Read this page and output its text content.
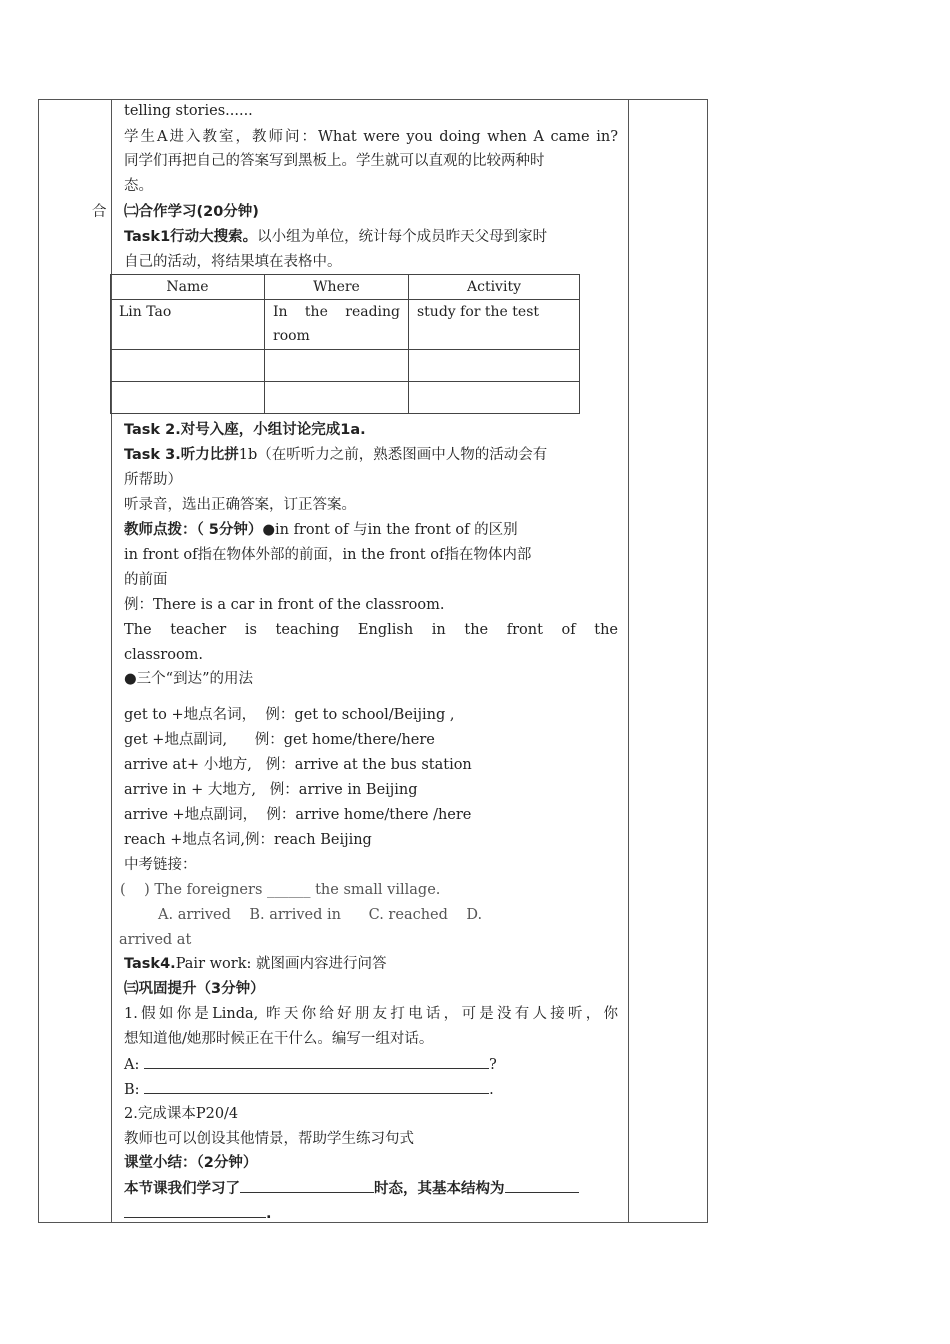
合
telling stories......
学生A进入教室，教师问：What were you doing when A came in?
同学们再把自己的答案写到黑板上。学生就可以直观的比较两种时
态。
㈡合作学习(20分钟)
Task1行动大搜索。以小组为单位，统计每个成员昨天父母到家时
自己的活动，将结果填在表格中。
Task 2.对号入座，小组讨论完成1a.
Task 3.听力比拼1b（在听听力之前，熟悉图画中人物的活动会有
所帮助）
听录音，选出正确答案，订正答案。
教师点拨：（ 5分钟）●in front of 与in the front of 的区别
in front of指在物体外部的前面，in the front of指在物体内部
的前面
例：There is a car in front of the classroom.
The teacher is teaching English in the front of the
classroom.
●三个“到达”的用法
get to +地点名词，  例：get to school/Beijing ,
get +地点副词,      例：get home/there/here
arrive at+ 小地方,   例：arrive at the bus station
arrive in + 大地方,   例：arrive in Beijing
arrive +地点副词，  例：arrive home/there /here
reach +地点名词,例：reach Beijing
中考链接：
(    ) The foreigners ______ the small village.
A. arrived    B. arrived in      C. reached    D.
arrived at
Task4.Pair work: 就图画内容进行问答
㈢巩固提升（3分钟）
1.假如你是Linda, 昨天你给好朋友打电话，可是没有人接听，你
想知道他/她那时候正在干什么。编写一组对话。
A:	?
B:	.
2.完成课本P20/4
教师也可以创设其他情景，帮助学生练习句式
课堂小结：（2分钟）
本节课我们学习了	时态，其基本结构为
.
Name	Where	Activity
Lin Tao	In the reading room	study for the test
